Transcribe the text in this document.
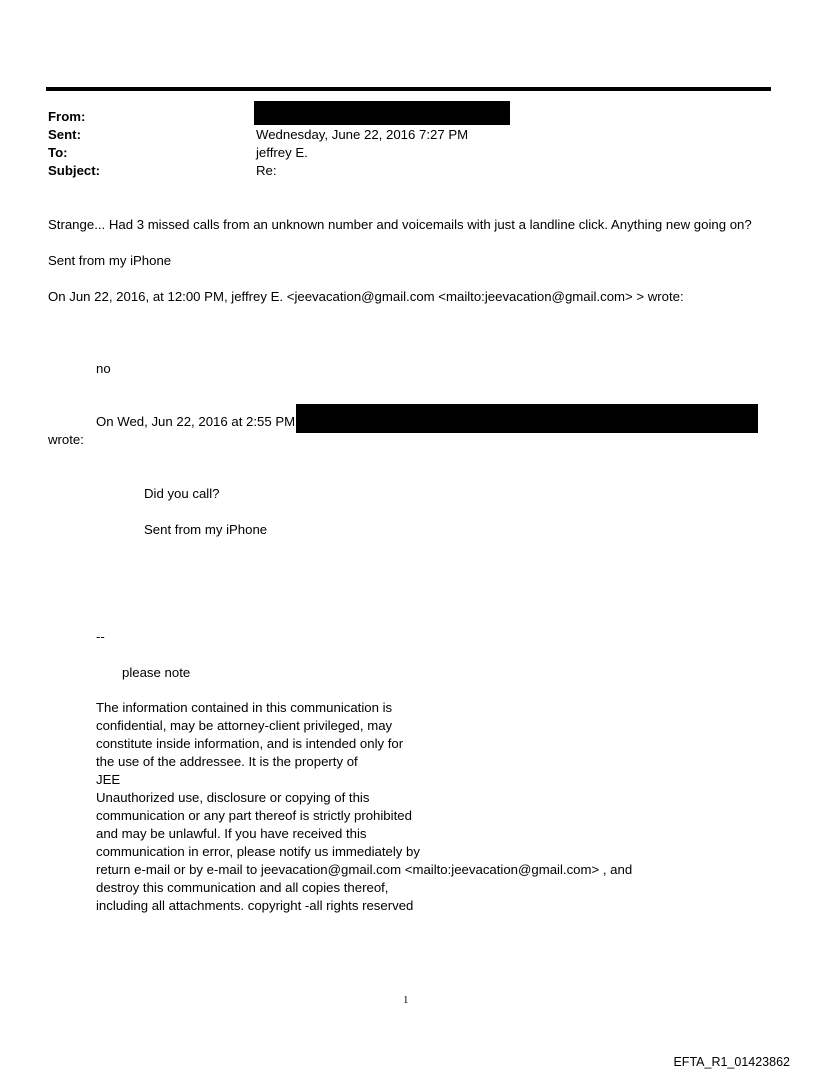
From:
Sent:
To:
Subject:
Wednesday, June 22, 2016 7:27 PM
jeffrey E.
Re:
Strange... Had 3 missed calls from an unknown number and voicemails with just a landline click. Anything new going on?
Sent from my iPhone
On Jun 22, 2016, at 12:00 PM, jeffrey E. <jeevacation@gmail.com <mailto:jeevacation@gmail.com> > wrote:
no
On Wed, Jun 22, 2016 at 2:55 PM
wrote:
Did you call?
Sent from my iPhone
--
please note
The information contained in this communication is
confidential, may be attorney-client privileged, may
constitute inside information, and is intended only for
the use of the addressee. It is the property of
JEE
Unauthorized use, disclosure or copying of this
communication or any part thereof is strictly prohibited
and may be unlawful. If you have received this
communication in error, please notify us immediately by
return e-mail or by e-mail to jeevacation@gmail.com <mailto:jeevacation@gmail.com> , and
destroy this communication and all copies thereof,
including all attachments. copyright -all rights reserved
1
EFTA_R1_01423862
